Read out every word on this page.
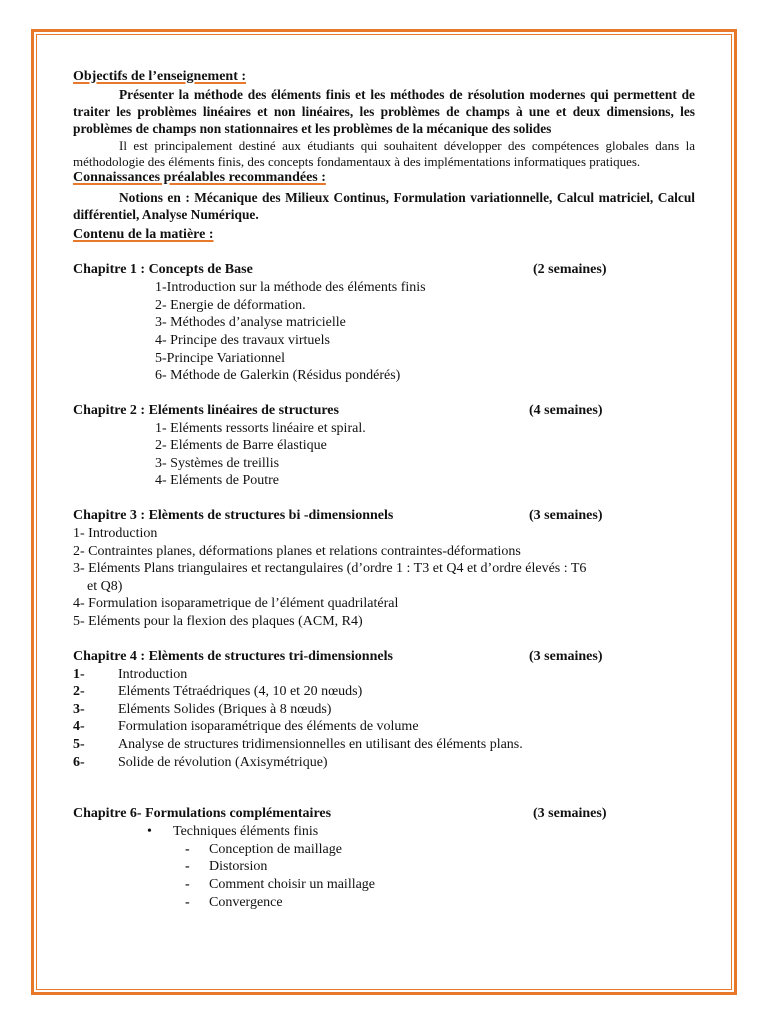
Objectifs de l’enseignement :

Présenter la méthode des éléments finis et les méthodes de résolution modernes qui permettent de traiter les problèmes linéaires et non linéaires, les problèmes de champs à une et deux dimensions, les problèmes de champs non stationnaires et les problèmes de la mécanique des solides

Il est principalement destiné aux étudiants qui souhaitent développer des compétences globales dans la méthodologie des éléments finis, des concepts fondamentaux à des implémentations informatiques pratiques.

Connaissances préalables recommandées :

Notions en : Mécanique des Milieux Continus, Formulation variationnelle, Calcul matriciel, Calcul différentiel, Analyse Numérique.

Contenu de la matière :
Chapitre 1 : Concepts de Base	(2 semaines)
1-Introduction sur la méthode des éléments finis
2- Energie de déformation.
3- Méthodes d’analyse matricielle
4- Principe des travaux virtuels
5-Principe Variationnel
6- Méthode de Galerkin (Résidus pondérés)
Chapitre 2 : Eléments linéaires de structures	(4 semaines)
1- Eléments ressorts linéaire et spiral.
2- Eléments de Barre élastique
3- Systèmes de treillis
4- Eléments de Poutre
Chapitre 3 : Elèments de structures bi -dimensionnels	(3 semaines)
1- Introduction
2- Contraintes planes, déformations planes et relations contraintes-déformations
3- Eléments Plans triangulaires et rectangulaires (d’ordre 1 : T3 et Q4 et d’ordre élevés : T6
et Q8)
4- Formulation isoparametrique de l’élément quadrilatéral
5- Eléments pour la flexion des plaques (ACM, R4)
Chapitre 4 : Elèments de structures tri-dimensionnels	(3 semaines)
1-	Introduction
2-	Eléments Tétraédriques (4, 10 et 20 nœuds)
3-	Eléments Solides (Briques à 8 nœuds)
4-	Formulation isoparamétrique des éléments de volume
5-	Analyse de structures tridimensionnelles en utilisant des éléments plans.
6-	Solide de révolution (Axisymétrique)
Chapitre 6- Formulations complémentaires	(3 semaines)
•	Techniques éléments finis
-	Conception de maillage
-	Distorsion
-	Comment choisir un maillage
-	Convergence
